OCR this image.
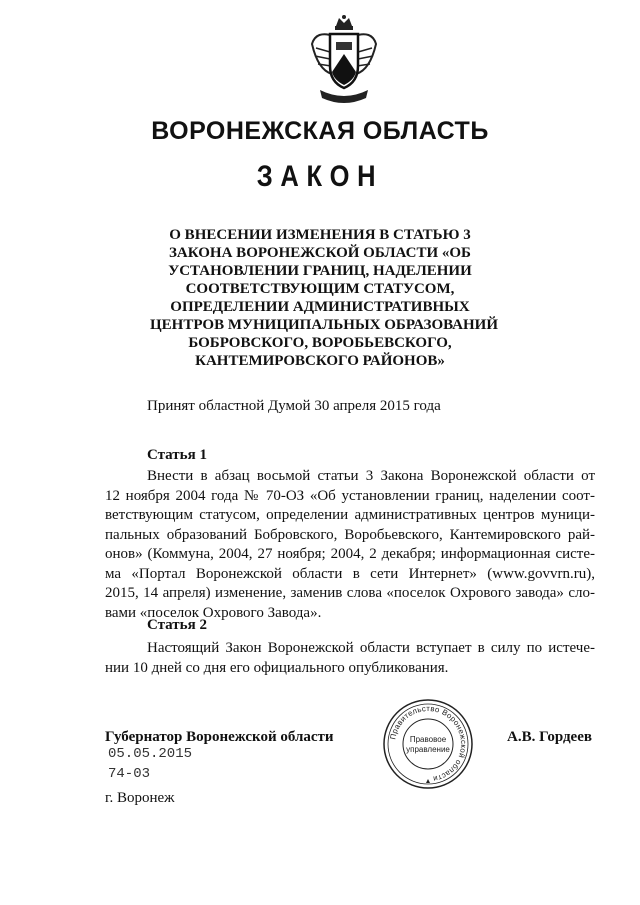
ВОРОНЕЖСКАЯ ОБЛАСТЬ
ЗАКОН

О ВНЕСЕНИИ ИЗМЕНЕНИЯ В СТАТЬЮ 3
ЗАКОНА ВОРОНЕЖСКОЙ ОБЛАСТИ «ОБ
УСТАНОВЛЕНИИ ГРАНИЦ, НАДЕЛЕНИИ
СООТВЕТСТВУЮЩИМ СТАТУСОМ,
ОПРЕДЕЛЕНИИ АДМИНИСТРАТИВНЫХ
ЦЕНТРОВ МУНИЦИПАЛЬНЫХ ОБРАЗОВАНИЙ
БОБРОВСКОГО, ВОРОБЬЕВСКОГО,
КАНТЕМИРОВСКОГО РАЙОНОВ»

Принят областной Думой 30 апреля 2015 года

Статья 1

Внести в абзац восьмой статьи 3 Закона Воронежской области от
12 ноября 2004 года № 70-ОЗ «Об установлении границ, наделении соот-
ветствующим статусом, определении административных центров муници-
пальных образований Бобровского, Воробьевского, Кантемировского рай-
онов» (Коммуна, 2004, 27 ноября; 2004, 2 декабря; информационная систе-
ма «Портал Воронежской области в сети Интернет» (www.govvrn.ru),
2015, 14 апреля) изменение, заменив слова «поселок Охрового завода» сло-
вами «поселок Охрового Завода».

Статья 2

Настоящий Закон Воронежской области вступает в силу по истече-
нии 10 дней со дня его официального опубликования.

Губернатор Воронежской области	А.В. Гордеев

05.05.2015

74-03

г. Воронеж

Правительство Воронежской области
Правовое
управление
